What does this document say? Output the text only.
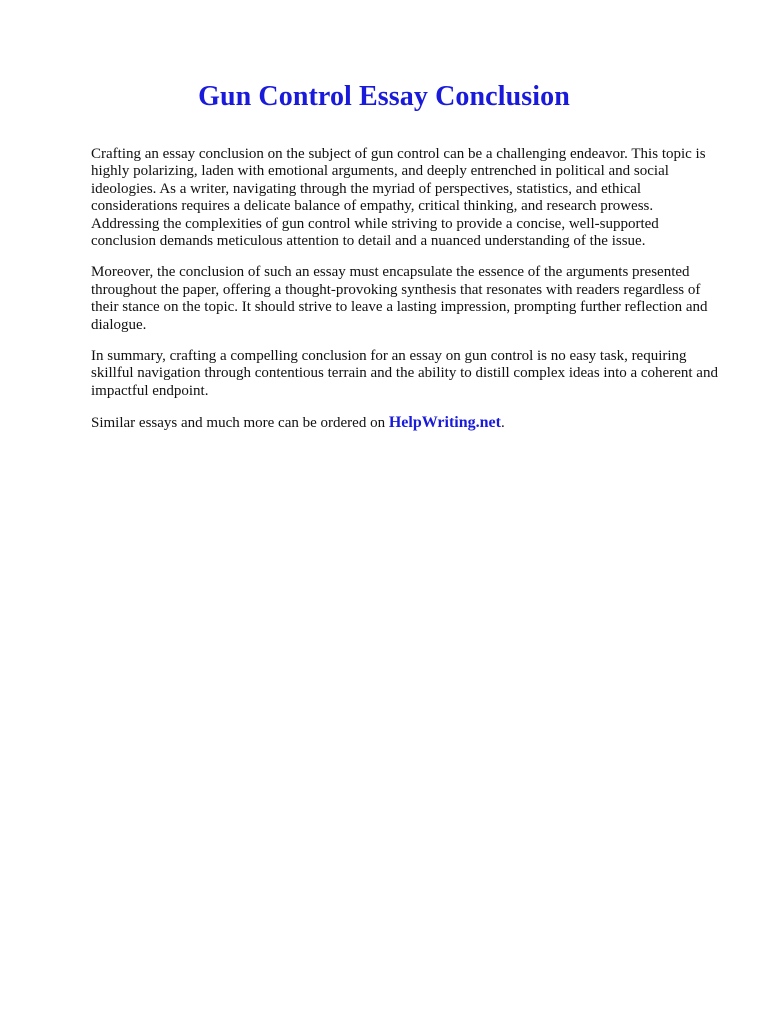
Gun Control Essay Conclusion

Crafting an essay conclusion on the subject of gun control can be a challenging endeavor. This topic is highly polarizing, laden with emotional arguments, and deeply entrenched in political and social ideologies. As a writer, navigating through the myriad of perspectives, statistics, and ethical considerations requires a delicate balance of empathy, critical thinking, and research prowess. Addressing the complexities of gun control while striving to provide a concise, well-supported conclusion demands meticulous attention to detail and a nuanced understanding of the issue.

Moreover, the conclusion of such an essay must encapsulate the essence of the arguments presented throughout the paper, offering a thought-provoking synthesis that resonates with readers regardless of their stance on the topic. It should strive to leave a lasting impression, prompting further reflection and dialogue.

In summary, crafting a compelling conclusion for an essay on gun control is no easy task, requiring skillful navigation through contentious terrain and the ability to distill complex ideas into a coherent and impactful endpoint.

Similar essays and much more can be ordered on HelpWriting.net.
